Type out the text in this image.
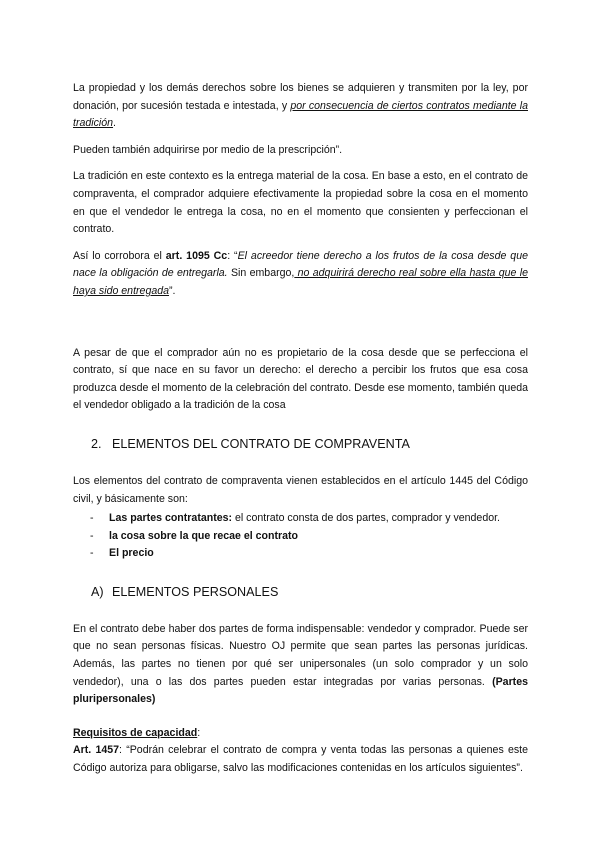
La propiedad y los demás derechos sobre los bienes se adquieren y transmiten por la ley, por donación, por sucesión testada e intestada, y por consecuencia de ciertos contratos mediante la tradición.

Pueden también adquirirse por medio de la prescripción”.

La tradición en este contexto es la entrega material de la cosa. En base a esto, en el contrato de compraventa, el comprador adquiere efectivamente la propiedad sobre la cosa en el momento en que el vendedor le entrega la cosa, no en el momento que consienten y perfeccionan el contrato.

Así lo corrobora el art. 1095 Cc: “El acreedor tiene derecho a los frutos de la cosa desde que nace la obligación de entregarla. Sin embargo, no adquirirá derecho real sobre ella hasta que le haya sido entregada”.

A pesar de que el comprador aún no es propietario de la cosa desde que se perfecciona el contrato, sí que nace en su favor un derecho: el derecho a percibir los frutos que esa cosa produzca desde el momento de la celebración del contrato. Desde ese momento, también queda el vendedor obligado a la tradición de la cosa

2. ELEMENTOS DEL CONTRATO DE COMPRAVENTA

Los elementos del contrato de compraventa vienen establecidos en el artículo 1445 del Código civil, y básicamente son:

- Las partes contratantes: el contrato consta de dos partes, comprador y vendedor.
- la cosa sobre la que recae el contrato
- El precio
A) ELEMENTOS PERSONALES

En el contrato debe haber dos partes de forma indispensable: vendedor y comprador. Puede ser que no sean personas físicas. Nuestro OJ permite que sean partes las personas jurídicas. Además, las partes no tienen por qué ser unipersonales (un solo comprador y un solo vendedor), una o las dos partes pueden estar integradas por varias personas. (Partes pluripersonales)

Requisitos de capacidad:

Art. 1457: “Podrán celebrar el contrato de compra y venta todas las personas a quienes este Código autoriza para obligarse, salvo las modificaciones contenidas en los artículos siguientes”.
